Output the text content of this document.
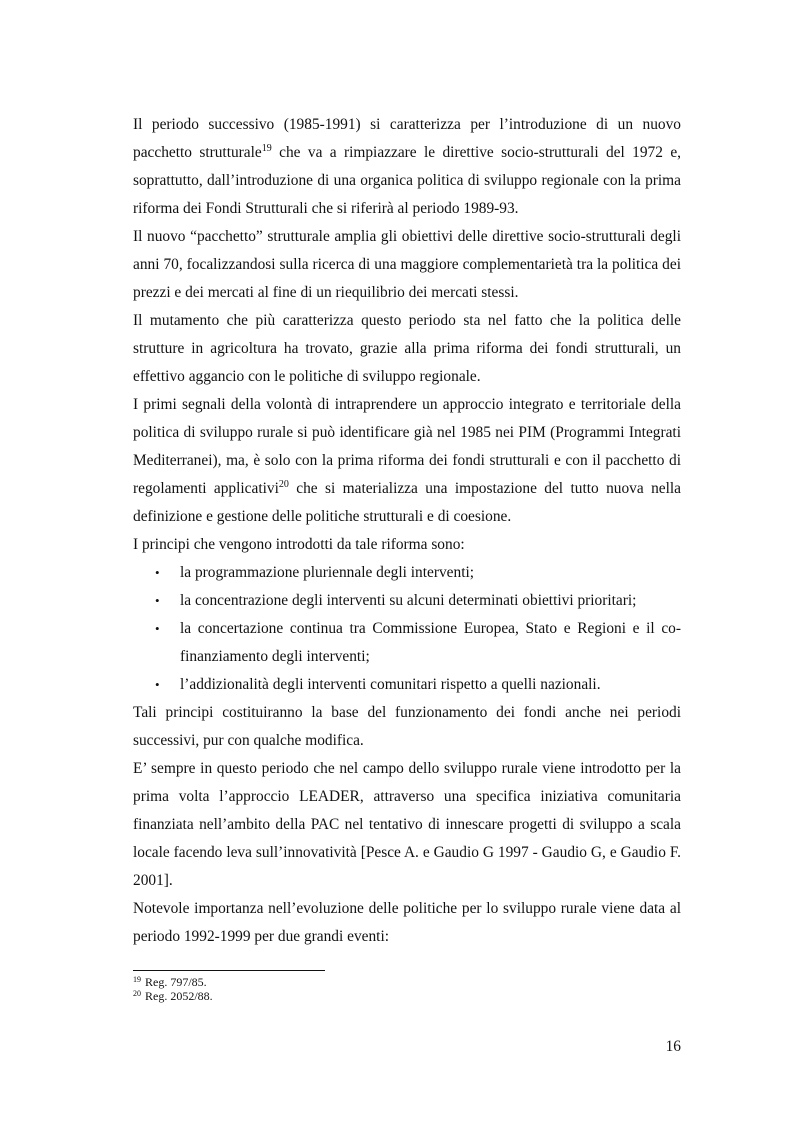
Il periodo successivo (1985-1991) si caratterizza per l’introduzione di un nuovo pacchetto strutturale$^{19}$ che va a rimpiazzare le direttive socio-strutturali del 1972 e, soprattutto, dall’introduzione di una organica politica di sviluppo regionale con la prima riforma dei Fondi Strutturali che si riferirà al periodo 1989-93.

Il nuovo “pacchetto” strutturale amplia gli obiettivi delle direttive socio-strutturali degli anni 70, focalizzandosi sulla ricerca di una maggiore complementarietà tra la politica dei prezzi e dei mercati al fine di un riequilibrio dei mercati stessi.

Il mutamento che più caratterizza questo periodo sta nel fatto che la politica delle strutture in agricoltura ha trovato, grazie alla prima riforma dei fondi strutturali, un effettivo aggancio con le politiche di sviluppo regionale.

I primi segnali della volontà di intraprendere un approccio integrato e territoriale della politica di sviluppo rurale si può identificare già nel 1985 nei PIM (Programmi Integrati Mediterranei), ma, è solo con la prima riforma dei fondi strutturali e con il pacchetto di regolamenti applicativi$^{20}$ che si materializza una impostazione del tutto nuova nella definizione e gestione delle politiche strutturali e di coesione.

I principi che vengono introdotti da tale riforma sono:

• la programmazione pluriennale degli interventi;
• la concentrazione degli interventi su alcuni determinati obiettivi prioritari;
• la concertazione continua tra Commissione Europea, Stato e Regioni e il co-finanziamento degli interventi;
• l’addizionalità degli interventi comunitari rispetto a quelli nazionali.

Tali principi costituiranno la base del funzionamento dei fondi anche nei periodi successivi, pur con qualche modifica.

E’ sempre in questo periodo che nel campo dello sviluppo rurale viene introdotto per la prima volta l’approccio LEADER, attraverso una specifica iniziativa comunitaria finanziata nell’ambito della PAC nel tentativo di innescare progetti di sviluppo a scala locale facendo leva sull’innovatività [Pesce A. e Gaudio G 1997 - Gaudio G, e Gaudio F. 2001].

Notevole importanza nell’evoluzione delle politiche per lo sviluppo rurale viene data al periodo 1992-1999 per due grandi eventi:

$^{19}$ Reg. 797/85.
$^{20}$ Reg. 2052/88.
16
